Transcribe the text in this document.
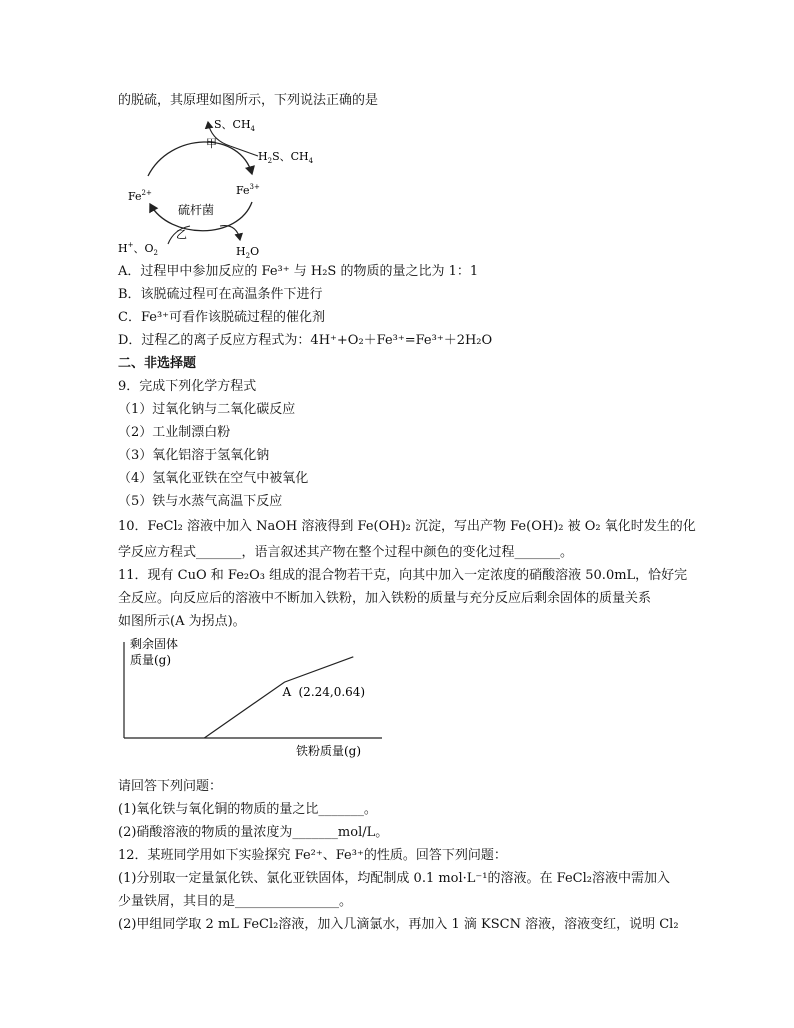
的脱硫，其原理如图所示，下列说法正确的是
S、$CH_4$
甲
$H_2S$、$CH_4$
$Fe^{2+}$	$Fe^{3+}$
硫杆菌
乙
H+、$O_2$	$H_2O$
A．过程甲中参加反应的 Fe³⁺ 与 H₂S 的物质的量之比为 1：1
B．该脱硫过程可在高温条件下进行
C．Fe³⁺可看作该脱硫过程的催化剂
D．过程乙的离子反应方程式为：4H⁺+O₂＋Fe³⁺=Fe³⁺＋2H₂O
二、非选择题
9．完成下列化学方程式
（1）过氧化钠与二氧化碳反应
（2）工业制漂白粉
（3）氧化铝溶于氢氧化钠
（4）氢氧化亚铁在空气中被氧化
（5）铁与水蒸气高温下反应
10．FeCl₂ 溶液中加入 NaOH 溶液得到 Fe(OH)₂ 沉淀，写出产物 Fe(OH)₂ 被 O₂ 氧化时发生的化
学反应方程式_______，语言叙述其产物在整个过程中颜色的变化过程_______。
11．现有 CuO 和 Fe₂O₃ 组成的混合物若干克，向其中加入一定浓度的硝酸溶液 50.0mL，恰好完
全反应。向反应后的溶液中不断加入铁粉，加入铁粉的质量与充分反应后剩余固体的质量关系
如图所示(A 为拐点)。
剩余固体
质量(g)
铁粉质量(g)
A (2.24,0.64)
请回答下列问题：
(1)氧化铁与氧化铜的物质的量之比_______。
(2)硝酸溶液的物质的量浓度为_______mol/L。
12．某班同学用如下实验探究 Fe²⁺、Fe³⁺的性质。回答下列问题：
(1)分别取一定量氯化铁、氯化亚铁固体，均配制成 0.1 mol·L⁻¹的溶液。在 FeCl₂溶液中需加入
少量铁屑，其目的是________________。
(2)甲组同学取 2 mL FeCl₂溶液，加入几滴氯水，再加入 1 滴 KSCN 溶液，溶液变红，说明 Cl₂
